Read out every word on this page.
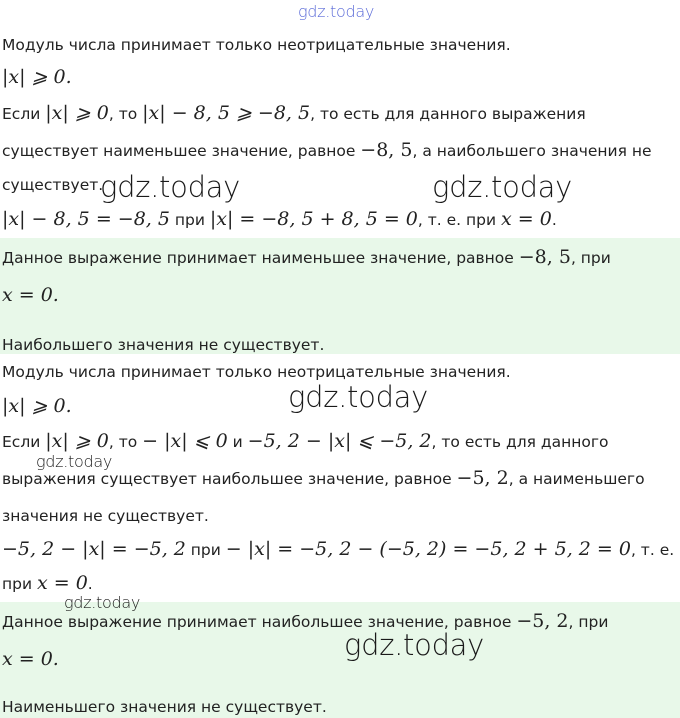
Модуль числа принимает только неотрицательные значения.
|x| ⩾ 0.
Если |x| ⩾ 0, то |x| − 8, 5 ⩾ −8, 5, то есть для данного выражения
существует наименьшее значение, равное −8, 5, а наибольшего значения не
существует.
|x| − 8, 5 = −8, 5 при |x| = −8, 5 + 8, 5 = 0, т. е. при x = 0.
Данное выражение принимает наименьшее значение, равное −8, 5, при
x = 0.
Наибольшего значения не существует.
Модуль числа принимает только неотрицательные значения.
|x| ⩾ 0.
Если |x| ⩾ 0, то − |x| ⩽ 0 и −5, 2 − |x| ⩽ −5, 2, то есть для данного
выражения существует наибольшее значение, равное −5, 2, а наименьшего
значения не существует.
−5, 2 − |x| = −5, 2 при − |x| = −5, 2 − (−5, 2) = −5, 2 + 5, 2 = 0, т. е.
при x = 0.
Данное выражение принимает наибольшее значение, равное −5, 2, при
x = 0.
Наименьшего значения не существует.
gdz.today
gdz.today	gdz.today
gdz.today
gdz.today
gdz.today
gdz.today
